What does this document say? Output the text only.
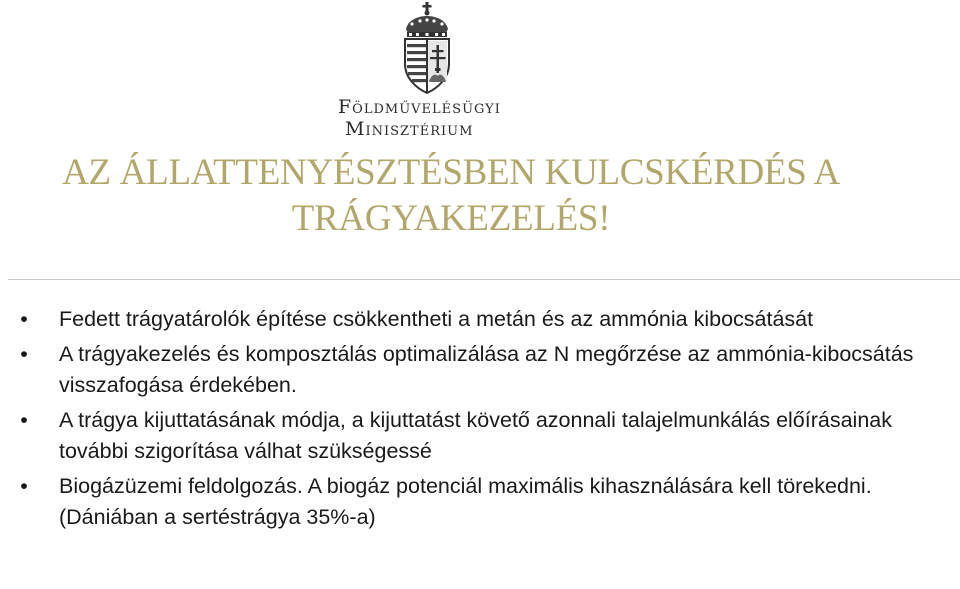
Földművelésügyi
Minisztérium
AZ ÁLLATTENYÉSZTÉSBEN KULCSKÉRDÉS A
TRÁGYAKEZELÉS!
• Fedett trágyatárolók építése csökkentheti a metán és az ammónia kibocsátását
• A trágyakezelés és komposztálás optimalizálása az N megőrzése az ammónia-kibocsátás visszafogása érdekében.
• A trágya kijuttatásának módja, a kijuttatást követő azonnali talajelmunkálás előírásainak további szigorítása válhat szükségessé
• Biogázüzemi feldolgozás. A biogáz potenciál maximális kihasználására kell törekedni. (Dániában a sertéstrágya 35%-a)
